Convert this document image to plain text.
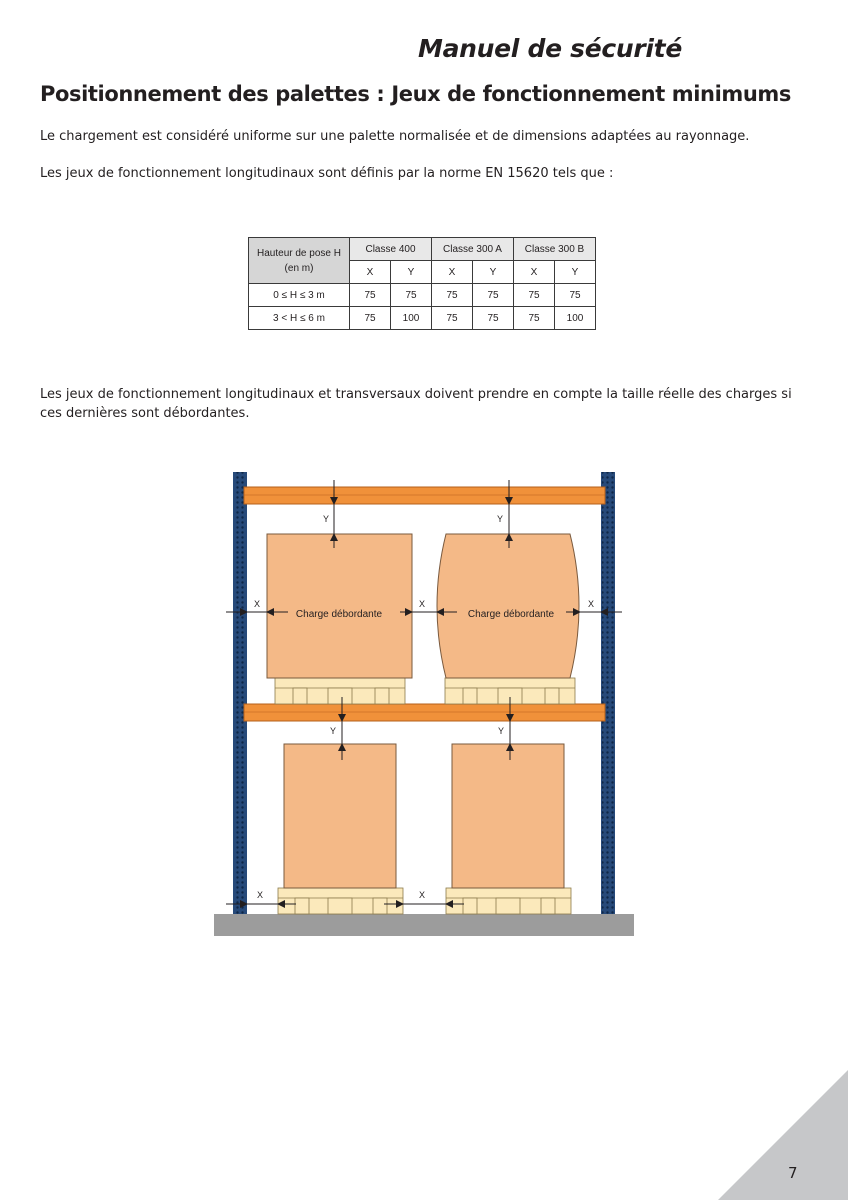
Manuel de sécurité
Positionnement des palettes : Jeux de fonctionnement minimums
Le chargement est considéré uniforme sur une palette normalisée et de dimensions adaptées au rayonnage.
Les jeux de fonctionnement longitudinaux sont définis par la norme EN 15620 tels que :
Hauteur de pose H (en m)	Classe 400		Classe 300 A		Classe 300 B	
	X	Y	X	Y	X	Y
0 ≤ H ≤ 3 m	75	75	75	75	75	75
3 < H ≤ 6 m	75	100	75	75	75	100
Les jeux de fonctionnement longitudinaux et transversaux doivent prendre en compte la taille réelle des charges si ces dernières sont débordantes.
Y	Y
Y	Y
X	X	X
X	X
Charge débordante	Charge débordante
7
